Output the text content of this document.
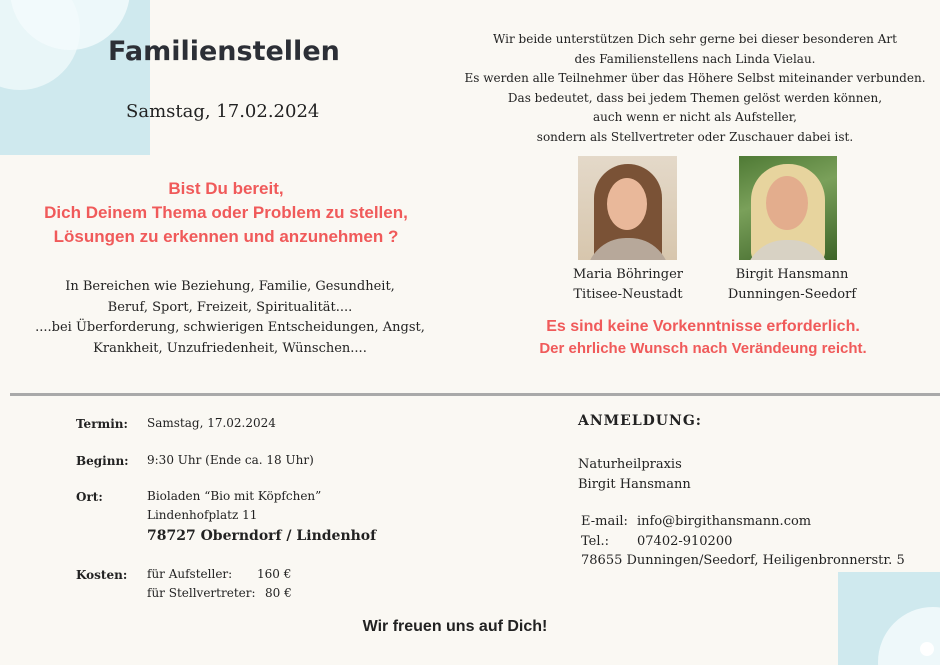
Familienstellen
Samstag, 17.02.2024
Bist Du bereit,
Dich Deinem Thema oder Problem zu stellen,
Lösungen zu erkennen und anzunehmen ?
In Bereichen wie Beziehung, Familie, Gesundheit,
Beruf, Sport, Freizeit, Spiritualität....
....bei Überforderung, schwierigen Entscheidungen, Angst,
Krankheit, Unzufriedenheit, Wünschen....
Wir beide unterstützen Dich sehr gerne bei dieser besonderen Art
des Familienstellens nach Linda Vielau.
Es werden alle Teilnehmer über das Höhere Selbst miteinander verbunden.
Das bedeutet, dass bei jedem Themen gelöst werden können,
auch wenn er nicht als Aufsteller,
sondern als Stellvertreter oder Zuschauer dabei ist.
Maria Böhringer
Titisee-Neustadt
Birgit Hansmann
Dunningen-Seedorf
Es sind keine Vorkenntnisse erforderlich.
Der ehrliche Wunsch nach Verändeung reicht.
Termin: Samstag, 17.02.2024
Beginn: 9:30 Uhr (Ende ca. 18 Uhr)
Ort:	Bioladen “Bio mit Köpfchen”
Lindenhofplatz 11
78727 Oberndorf / Lindenhof
Kosten: für Aufsteller: 160 €
für Stellvertreter: 80 €
ANMELDUNG:
Naturheilpraxis
Birgit Hansmann
E-mail: info@birgithansmann.com
Tel.: 07402-910200
78655 Dunningen/Seedorf, Heiligenbronnerstr. 5
Wir freuen uns auf Dich!
